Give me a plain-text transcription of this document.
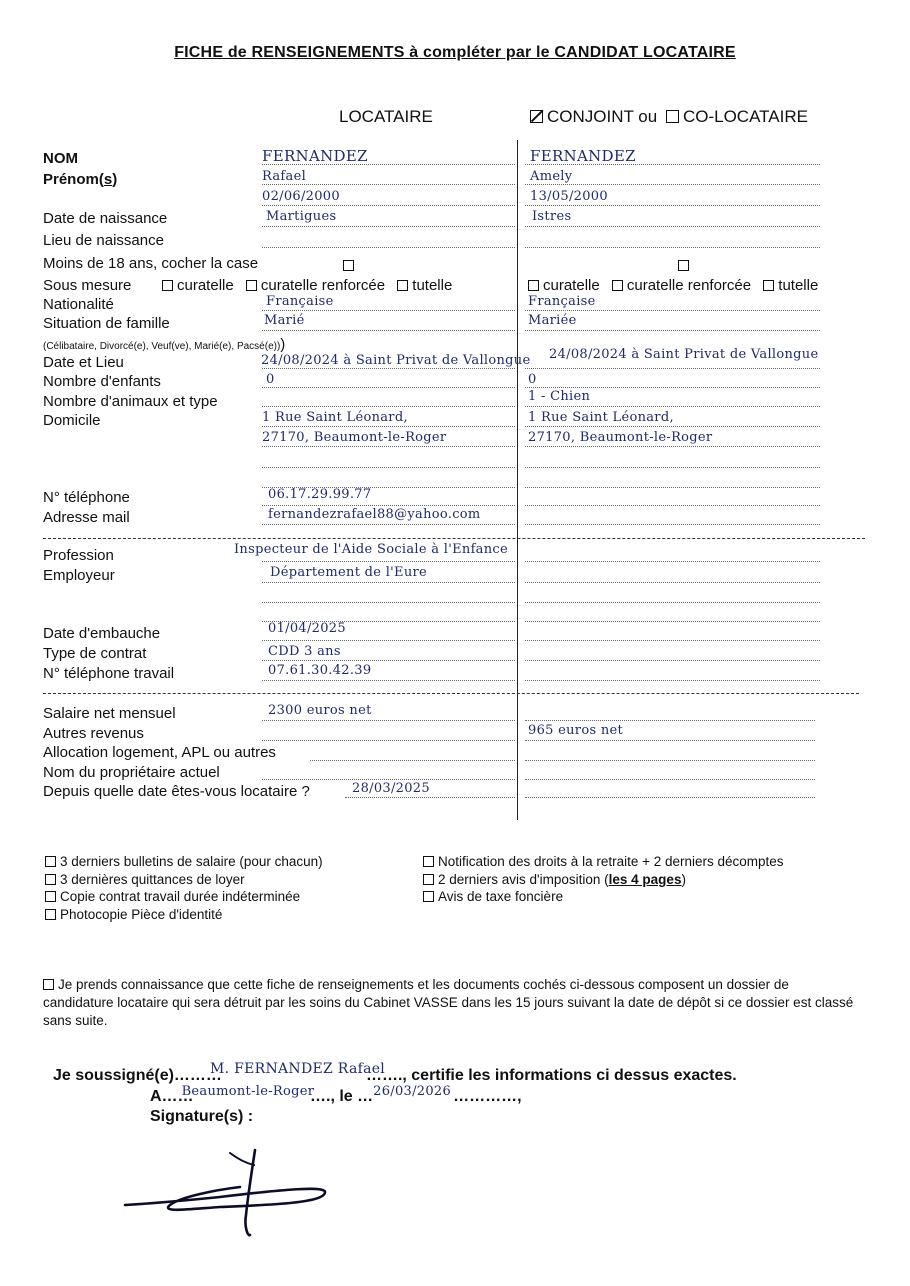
FICHE de RENSEIGNEMENTS à compléter par le CANDIDAT LOCATAIRE
LOCATAIRE	CONJOINT ou CO-LOCATAIRE
NOM
Prénom(s)
Date de naissance
Lieu de naissance
Moins de 18 ans, cocher la case
Sous mesure
Nationalité
Situation de famille
(Célibataire, Divorcé(e), Veuf(ve), Marié(e), Pacsé(e)))
Date et Lieu
Nombre d'enfants
Nombre d'animaux et type
Domicile
N° téléphone
Adresse mail
Profession
Employeur
Date d'embauche
Type de contrat
N° téléphone travail
Salaire net mensuel
Autres revenus
Allocation logement, APL ou autres
Nom du propriétaire actuel
Depuis quelle date êtes-vous locataire ?
curatelle curatelle renforcée tutelle	curatelle curatelle renforcée tutelle
FERNANDEZ
Rafael
02/06/2000
Martigues
Française
Marié
24/08/2024 à Saint Privat de Vallongue
0
1 Rue Saint Léonard,
27170, Beaumont-le-Roger
06.17.29.99.77
fernandezrafael88@yahoo.com
Inspecteur de l'Aide Sociale à l'Enfance
Département de l'Eure
01/04/2025
CDD 3 ans
07.61.30.42.39
2300 euros net
28/03/2025
FERNANDEZ
Amely
13/05/2000
Istres
Française
Mariée
24/08/2024 à Saint Privat de Vallongue
0
1 - Chien
1 Rue Saint Léonard,
27170, Beaumont-le-Roger
965 euros net
3 derniers bulletins de salaire (pour chacun)
3 dernières quittances de loyer
Copie contrat travail durée indéterminée
Photocopie Pièce d'identité
Notification des droits à la retraite + 2 derniers décomptes
2 derniers avis d'imposition (les 4 pages)
Avis de taxe foncière
Je prends connaissance que cette fiche de renseignements et les documents cochés ci-dessous composent un dossier de candidature locataire qui sera détruit par les soins du Cabinet VASSE dans les 15 jours suivant la date de dépôt si ce dossier est classé sans suite.
Je soussigné(e)………
M. FERNANDEZ Rafael
……., certifie les informations ci dessus exactes.
A……
Beaumont-le-Roger
…., le … 26/03/2026 …………,
Signature(s) :
